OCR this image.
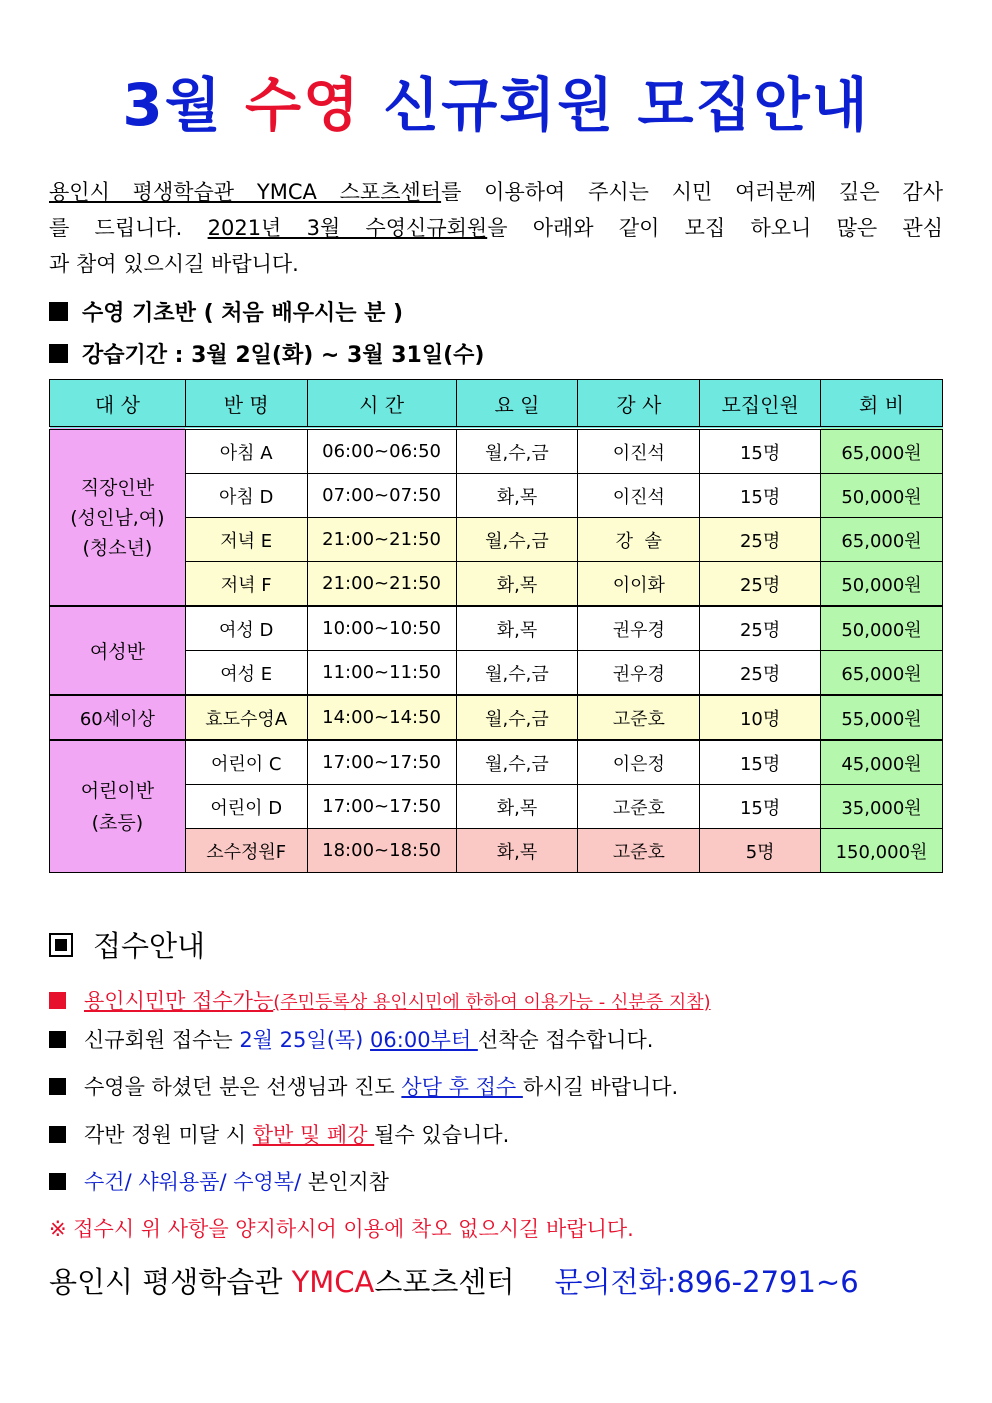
3월 수영 신규회원 모집안내
용인시 평생학습관 YMCA 스포츠센터를 이용하여 주시는 시민 여러분께 깊은 감사
를 드립니다. 2021년 3월 수영신규회원을 아래와 같이 모집 하오니 많은 관심
과 참여 있으시길 바랍니다.
수영 기초반 ( 처음 배우시는 분 )
강습기간 : 3월 2일(화) ~ 3월 31일(수)
대 상	반 명	시 간	요 일	강 사	모집인원	회 비
직장인반
(성인남,여)
(청소년)	아침 A	06:00~06:50	월,수,금	이진석	15명	65,000원
	아침 D	07:00~07:50	화,목	이진석	15명	50,000원
	저녁 E	21:00~21:50	월,수,금	강  솔	25명	65,000원
	저녁 F	21:00~21:50	화,목	이이화	25명	50,000원
여성반	여성 D	10:00~10:50	화,목	권우경	25명	50,000원
	여성 E	11:00~11:50	월,수,금	권우경	25명	65,000원
60세이상	효도수영A	14:00~14:50	월,수,금	고준호	10명	55,000원
어린이반
(초등)	어린이 C	17:00~17:50	월,수,금	이은정	15명	45,000원
	어린이 D	17:00~17:50	화,목	고준호	15명	35,000원
	소수정원F	18:00~18:50	화,목	고준호	5명	150,000원
접수안내
용인시민만 접수가능(주민등록상 용인시민에 한하여 이용가능 - 신분증 지참)
신규회원 접수는 2월 25일(목) 06:00부터 선착순 접수합니다.
수영을 하셨던 분은 선생님과 진도 상담 후 접수 하시길 바랍니다.
각반 정원 미달 시 합반 및 폐강 될수 있습니다.
수건/ 샤워용품/ 수영복/ 본인지참
※ 접수시 위 사항을 양지하시어 이용에 착오 없으시길 바랍니다.
용인시 평생학습관 YMCA스포츠센터 문의전화:896-2791~6
